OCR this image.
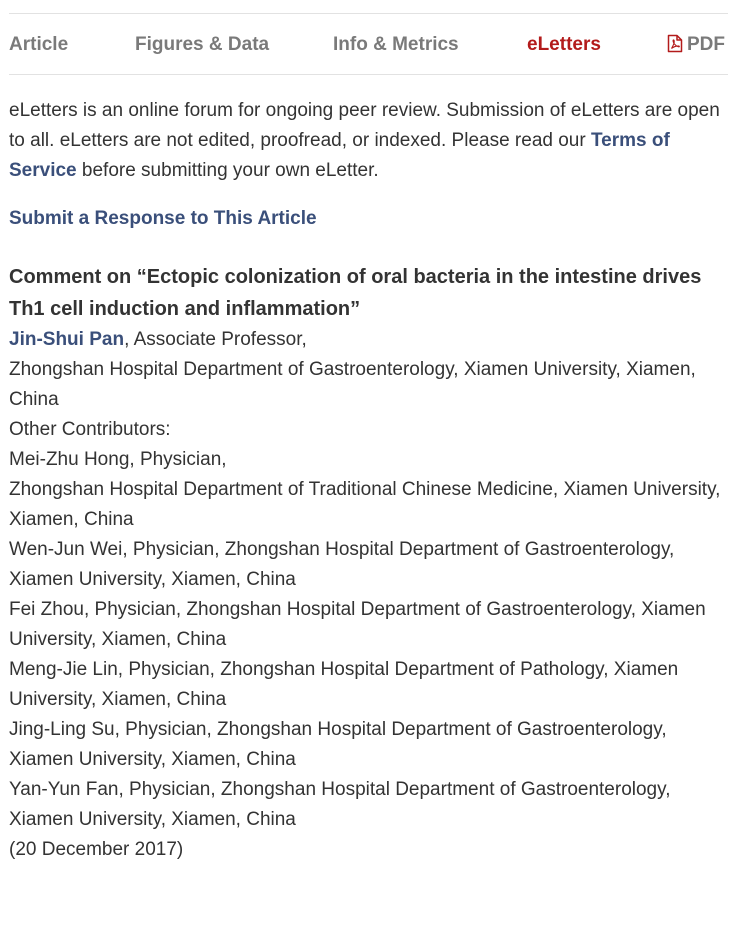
Article	Figures & Data	Info & Metrics	eLetters	PDF

eLetters is an online forum for ongoing peer review. Submission of eLetters are open to all. eLetters are not edited, proofread, or indexed. Please read our Terms of Service before submitting your own eLetter.

Submit a Response to This Article
Comment on “Ectopic colonization of oral bacteria in the intestine drives Th1 cell induction and inflammation”

Jin-Shui Pan, Associate Professor,

Zhongshan Hospital Department of Gastroenterology, Xiamen University, Xiamen, China

Other Contributors:

Mei-Zhu Hong, Physician,
Zhongshan Hospital Department of Traditional Chinese Medicine, Xiamen University, Xiamen, China

Wen-Jun Wei, Physician, Zhongshan Hospital Department of Gastroenterology, Xiamen University, Xiamen, China

Fei Zhou, Physician, Zhongshan Hospital Department of Gastroenterology, Xiamen University, Xiamen, China

Meng-Jie Lin, Physician, Zhongshan Hospital Department of Pathology, Xiamen University, Xiamen, China

Jing-Ling Su, Physician, Zhongshan Hospital Department of Gastroenterology, Xiamen University, Xiamen, China

Yan-Yun Fan, Physician, Zhongshan Hospital Department of Gastroenterology, Xiamen University, Xiamen, China

(20 December 2017)
